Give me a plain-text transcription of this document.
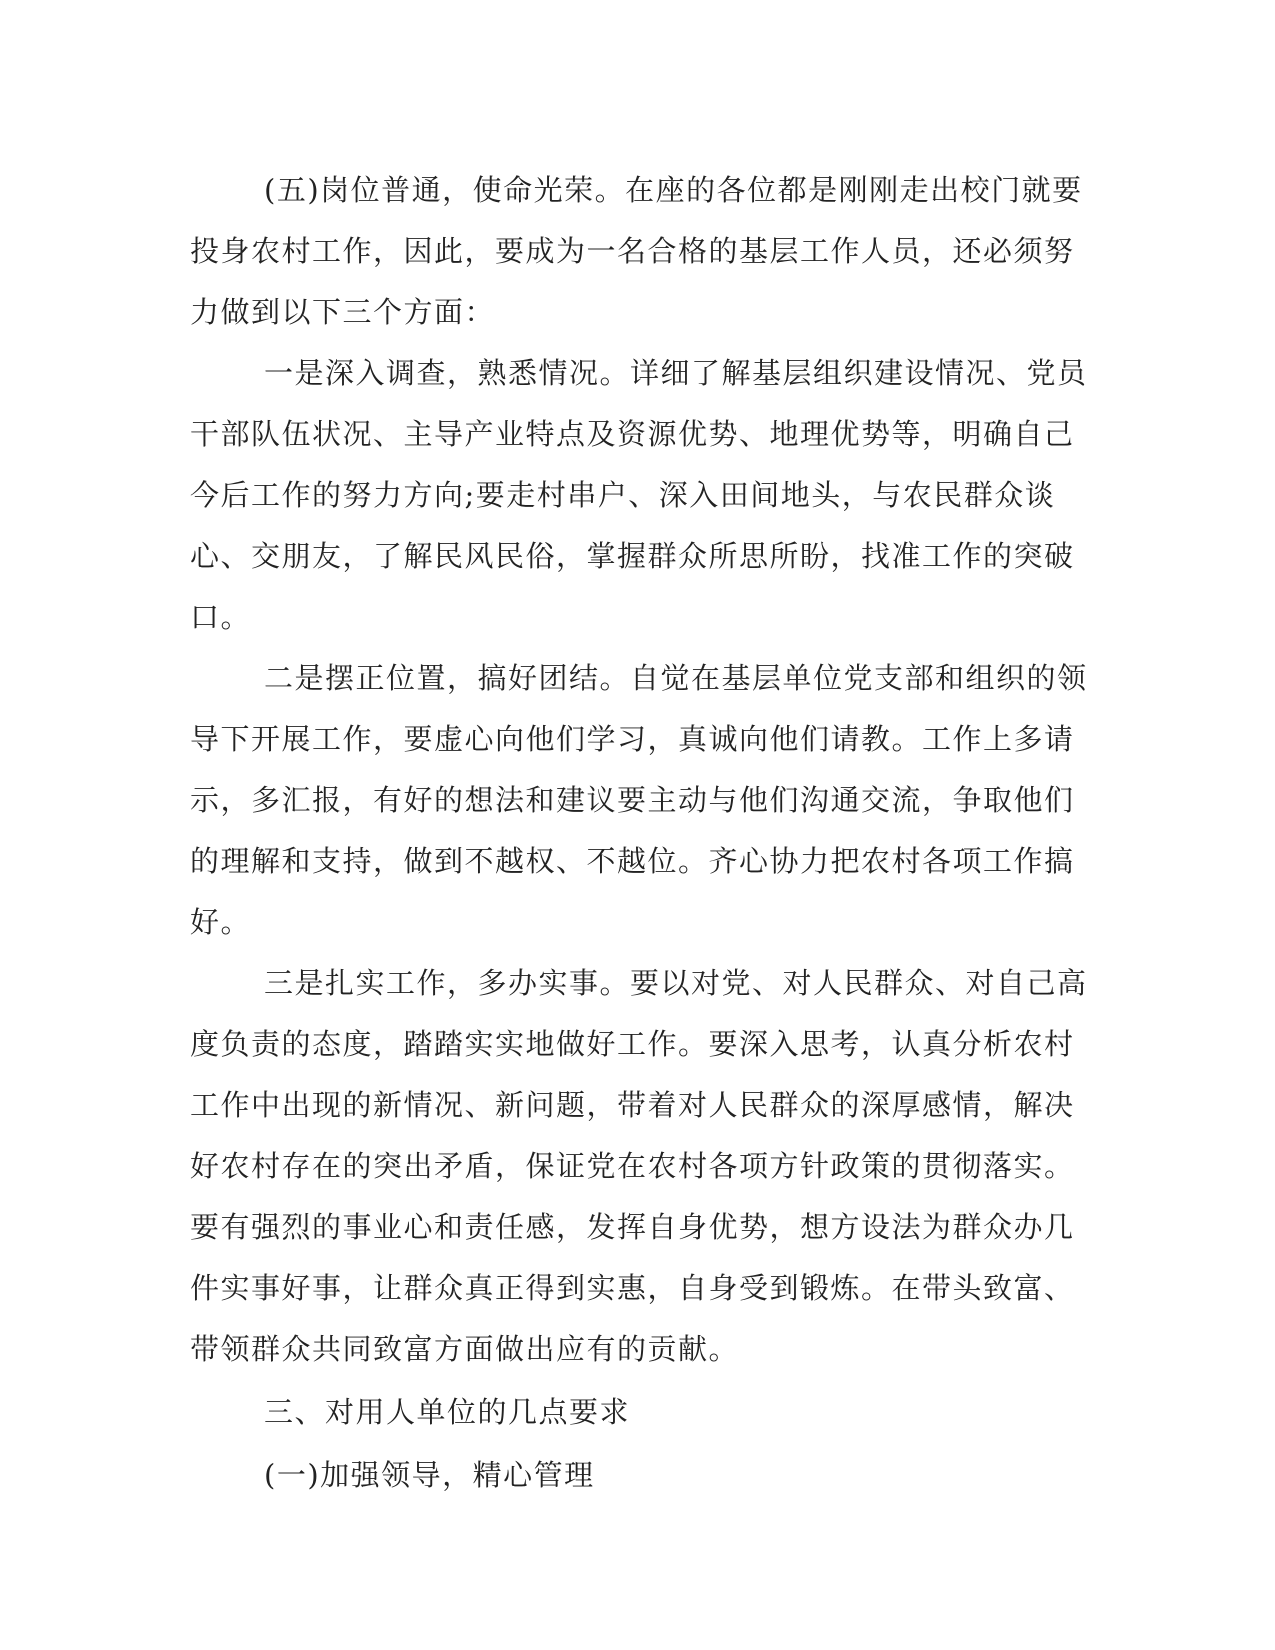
(五)岗位普通，使命光荣。在座的各位都是刚刚走出校门就要投身农村工作，因此，要成为一名合格的基层工作人员，还必须努力做到以下三个方面：

一是深入调查，熟悉情况。详细了解基层组织建设情况、党员干部队伍状况、主导产业特点及资源优势、地理优势等，明确自己今后工作的努力方向;要走村串户、深入田间地头，与农民群众谈心、交朋友，了解民风民俗，掌握群众所思所盼，找准工作的突破口。

二是摆正位置，搞好团结。自觉在基层单位党支部和组织的领导下开展工作，要虚心向他们学习，真诚向他们请教。工作上多请示，多汇报，有好的想法和建议要主动与他们沟通交流，争取他们的理解和支持，做到不越权、不越位。齐心协力把农村各项工作搞好。

三是扎实工作，多办实事。要以对党、对人民群众、对自己高度负责的态度，踏踏实实地做好工作。要深入思考，认真分析农村工作中出现的新情况、新问题，带着对人民群众的深厚感情，解决好农村存在的突出矛盾，保证党在农村各项方针政策的贯彻落实。要有强烈的事业心和责任感，发挥自身优势，想方设法为群众办几件实事好事，让群众真正得到实惠，自身受到锻炼。在带头致富、带领群众共同致富方面做出应有的贡献。

三、对用人单位的几点要求

(一)加强领导，精心管理
